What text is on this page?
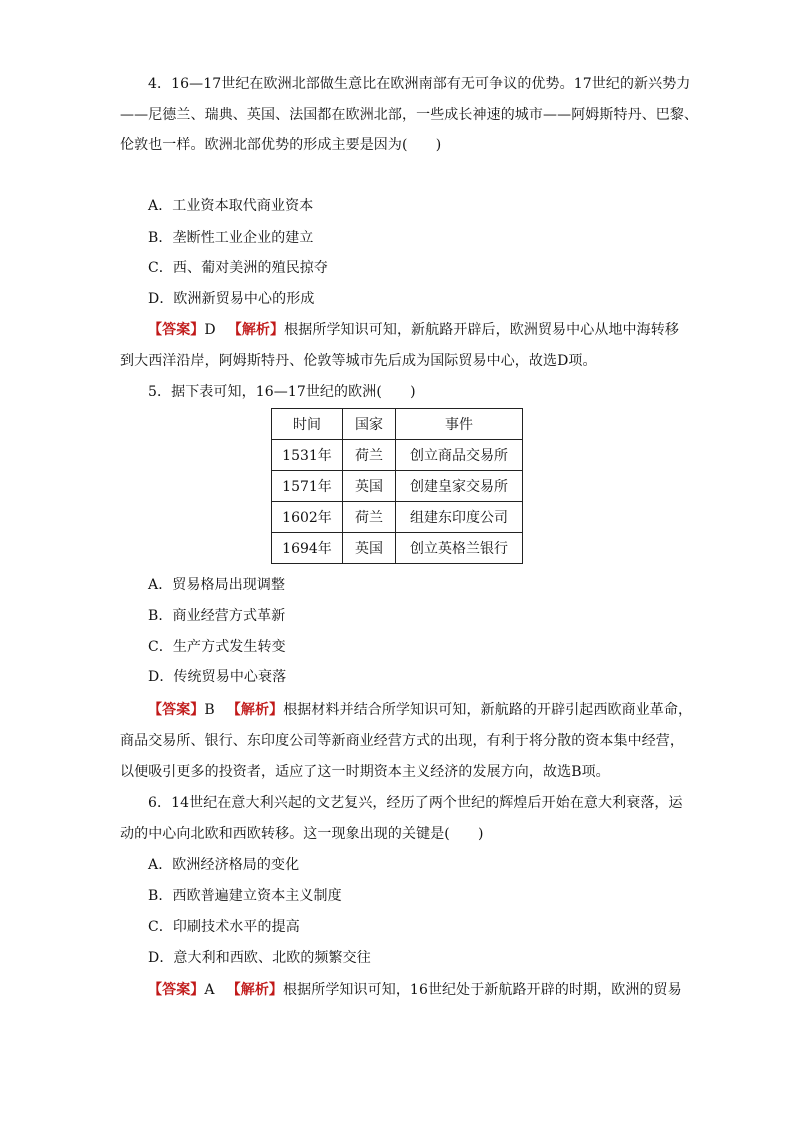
4．16—17世纪在欧洲北部做生意比在欧洲南部有无可争议的优势。17世纪的新兴势力
——尼德兰、瑞典、英国、法国都在欧洲北部，一些成长神速的城市——阿姆斯特丹、巴黎、
伦敦也一样。欧洲北部优势的形成主要是因为(　　)
A．工业资本取代商业资本
B．垄断性工业企业的建立
C．西、葡对美洲的殖民掠夺
D．欧洲新贸易中心的形成
【答案】D 【解析】根据所学知识可知，新航路开辟后，欧洲贸易中心从地中海转移
到大西洋沿岸，阿姆斯特丹、伦敦等城市先后成为国际贸易中心，故选D项。
5．据下表可知，16—17世纪的欧洲(　　)
时间	国家	事件
1531年	荷兰	创立商品交易所
1571年	英国	创建皇家交易所
1602年	荷兰	组建东印度公司
1694年	英国	创立英格兰银行
A．贸易格局出现调整
B．商业经营方式革新
C．生产方式发生转变
D．传统贸易中心衰落
【答案】B 【解析】根据材料并结合所学知识可知，新航路的开辟引起西欧商业革命，
商品交易所、银行、东印度公司等新商业经营方式的出现，有利于将分散的资本集中经营，
以便吸引更多的投资者，适应了这一时期资本主义经济的发展方向，故选B项。
6．14世纪在意大利兴起的文艺复兴，经历了两个世纪的辉煌后开始在意大利衰落，运
动的中心向北欧和西欧转移。这一现象出现的关键是(　　)
A．欧洲经济格局的变化
B．西欧普遍建立资本主义制度
C．印刷技术水平的提高
D．意大利和西欧、北欧的频繁交往
【答案】A 【解析】根据所学知识可知，16世纪处于新航路开辟的时期，欧洲的贸易
